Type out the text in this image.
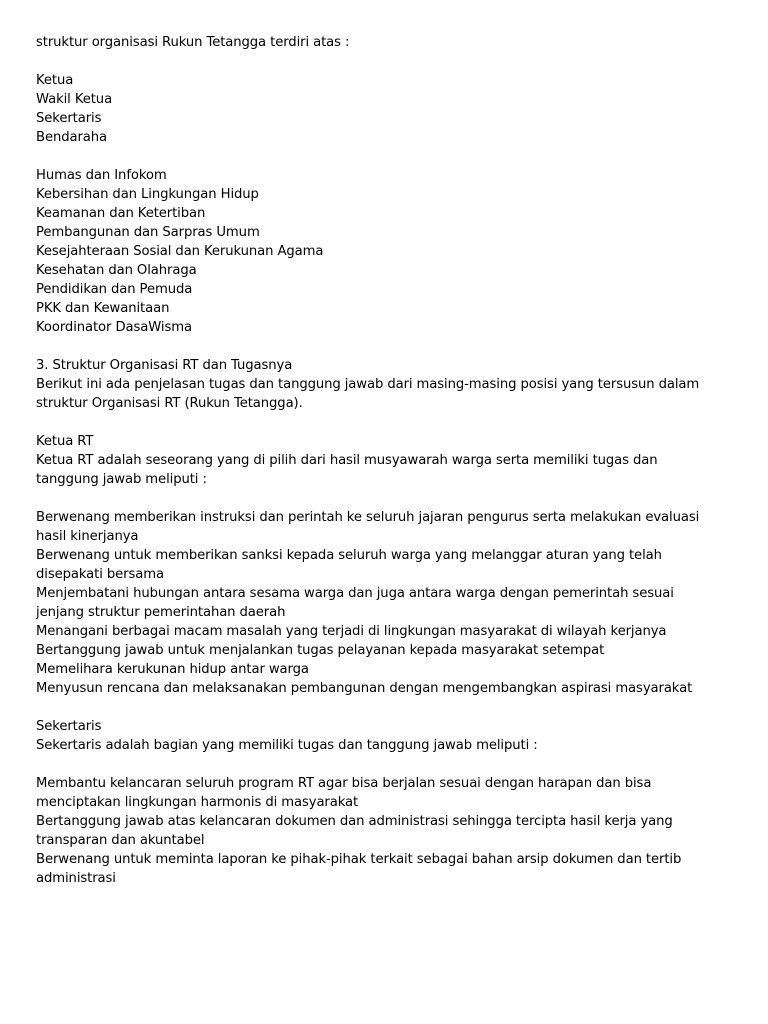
struktur organisasi Rukun Tetangga terdiri atas :

Ketua

Wakil Ketua

Sekertaris

Bendaraha

Humas dan Infokom

Kebersihan dan Lingkungan Hidup

Keamanan dan Ketertiban

Pembangunan dan Sarpras Umum

Kesejahteraan Sosial dan Kerukunan Agama

Kesehatan dan Olahraga

Pendidikan dan Pemuda

PKK dan Kewanitaan

Koordinator DasaWisma

3. Struktur Organisasi RT dan Tugasnya

Berikut ini ada penjelasan tugas dan tanggung jawab dari masing-masing posisi yang tersusun dalam

struktur Organisasi RT (Rukun Tetangga).

Ketua RT

Ketua RT adalah seseorang yang di pilih dari hasil musyawarah warga serta memiliki tugas dan

tanggung jawab meliputi :

Berwenang memberikan instruksi dan perintah ke seluruh jajaran pengurus serta melakukan evaluasi

hasil kinerjanya

Berwenang untuk memberikan sanksi kepada seluruh warga yang melanggar aturan yang telah

disepakati bersama

Menjembatani hubungan antara sesama warga dan juga antara warga dengan pemerintah sesuai

jenjang struktur pemerintahan daerah

Menangani berbagai macam masalah yang terjadi di lingkungan masyarakat di wilayah kerjanya

Bertanggung jawab untuk menjalankan tugas pelayanan kepada masyarakat setempat

Memelihara kerukunan hidup antar warga

Menyusun rencana dan melaksanakan pembangunan dengan mengembangkan aspirasi masyarakat

Sekertaris

Sekertaris adalah bagian yang memiliki tugas dan tanggung jawab meliputi :

Membantu kelancaran seluruh program RT agar bisa berjalan sesuai dengan harapan dan bisa

menciptakan lingkungan harmonis di masyarakat

Bertanggung jawab atas kelancaran dokumen dan administrasi sehingga tercipta hasil kerja yang

transparan dan akuntabel

Berwenang untuk meminta laporan ke pihak-pihak terkait sebagai bahan arsip dokumen dan tertib

administrasi
